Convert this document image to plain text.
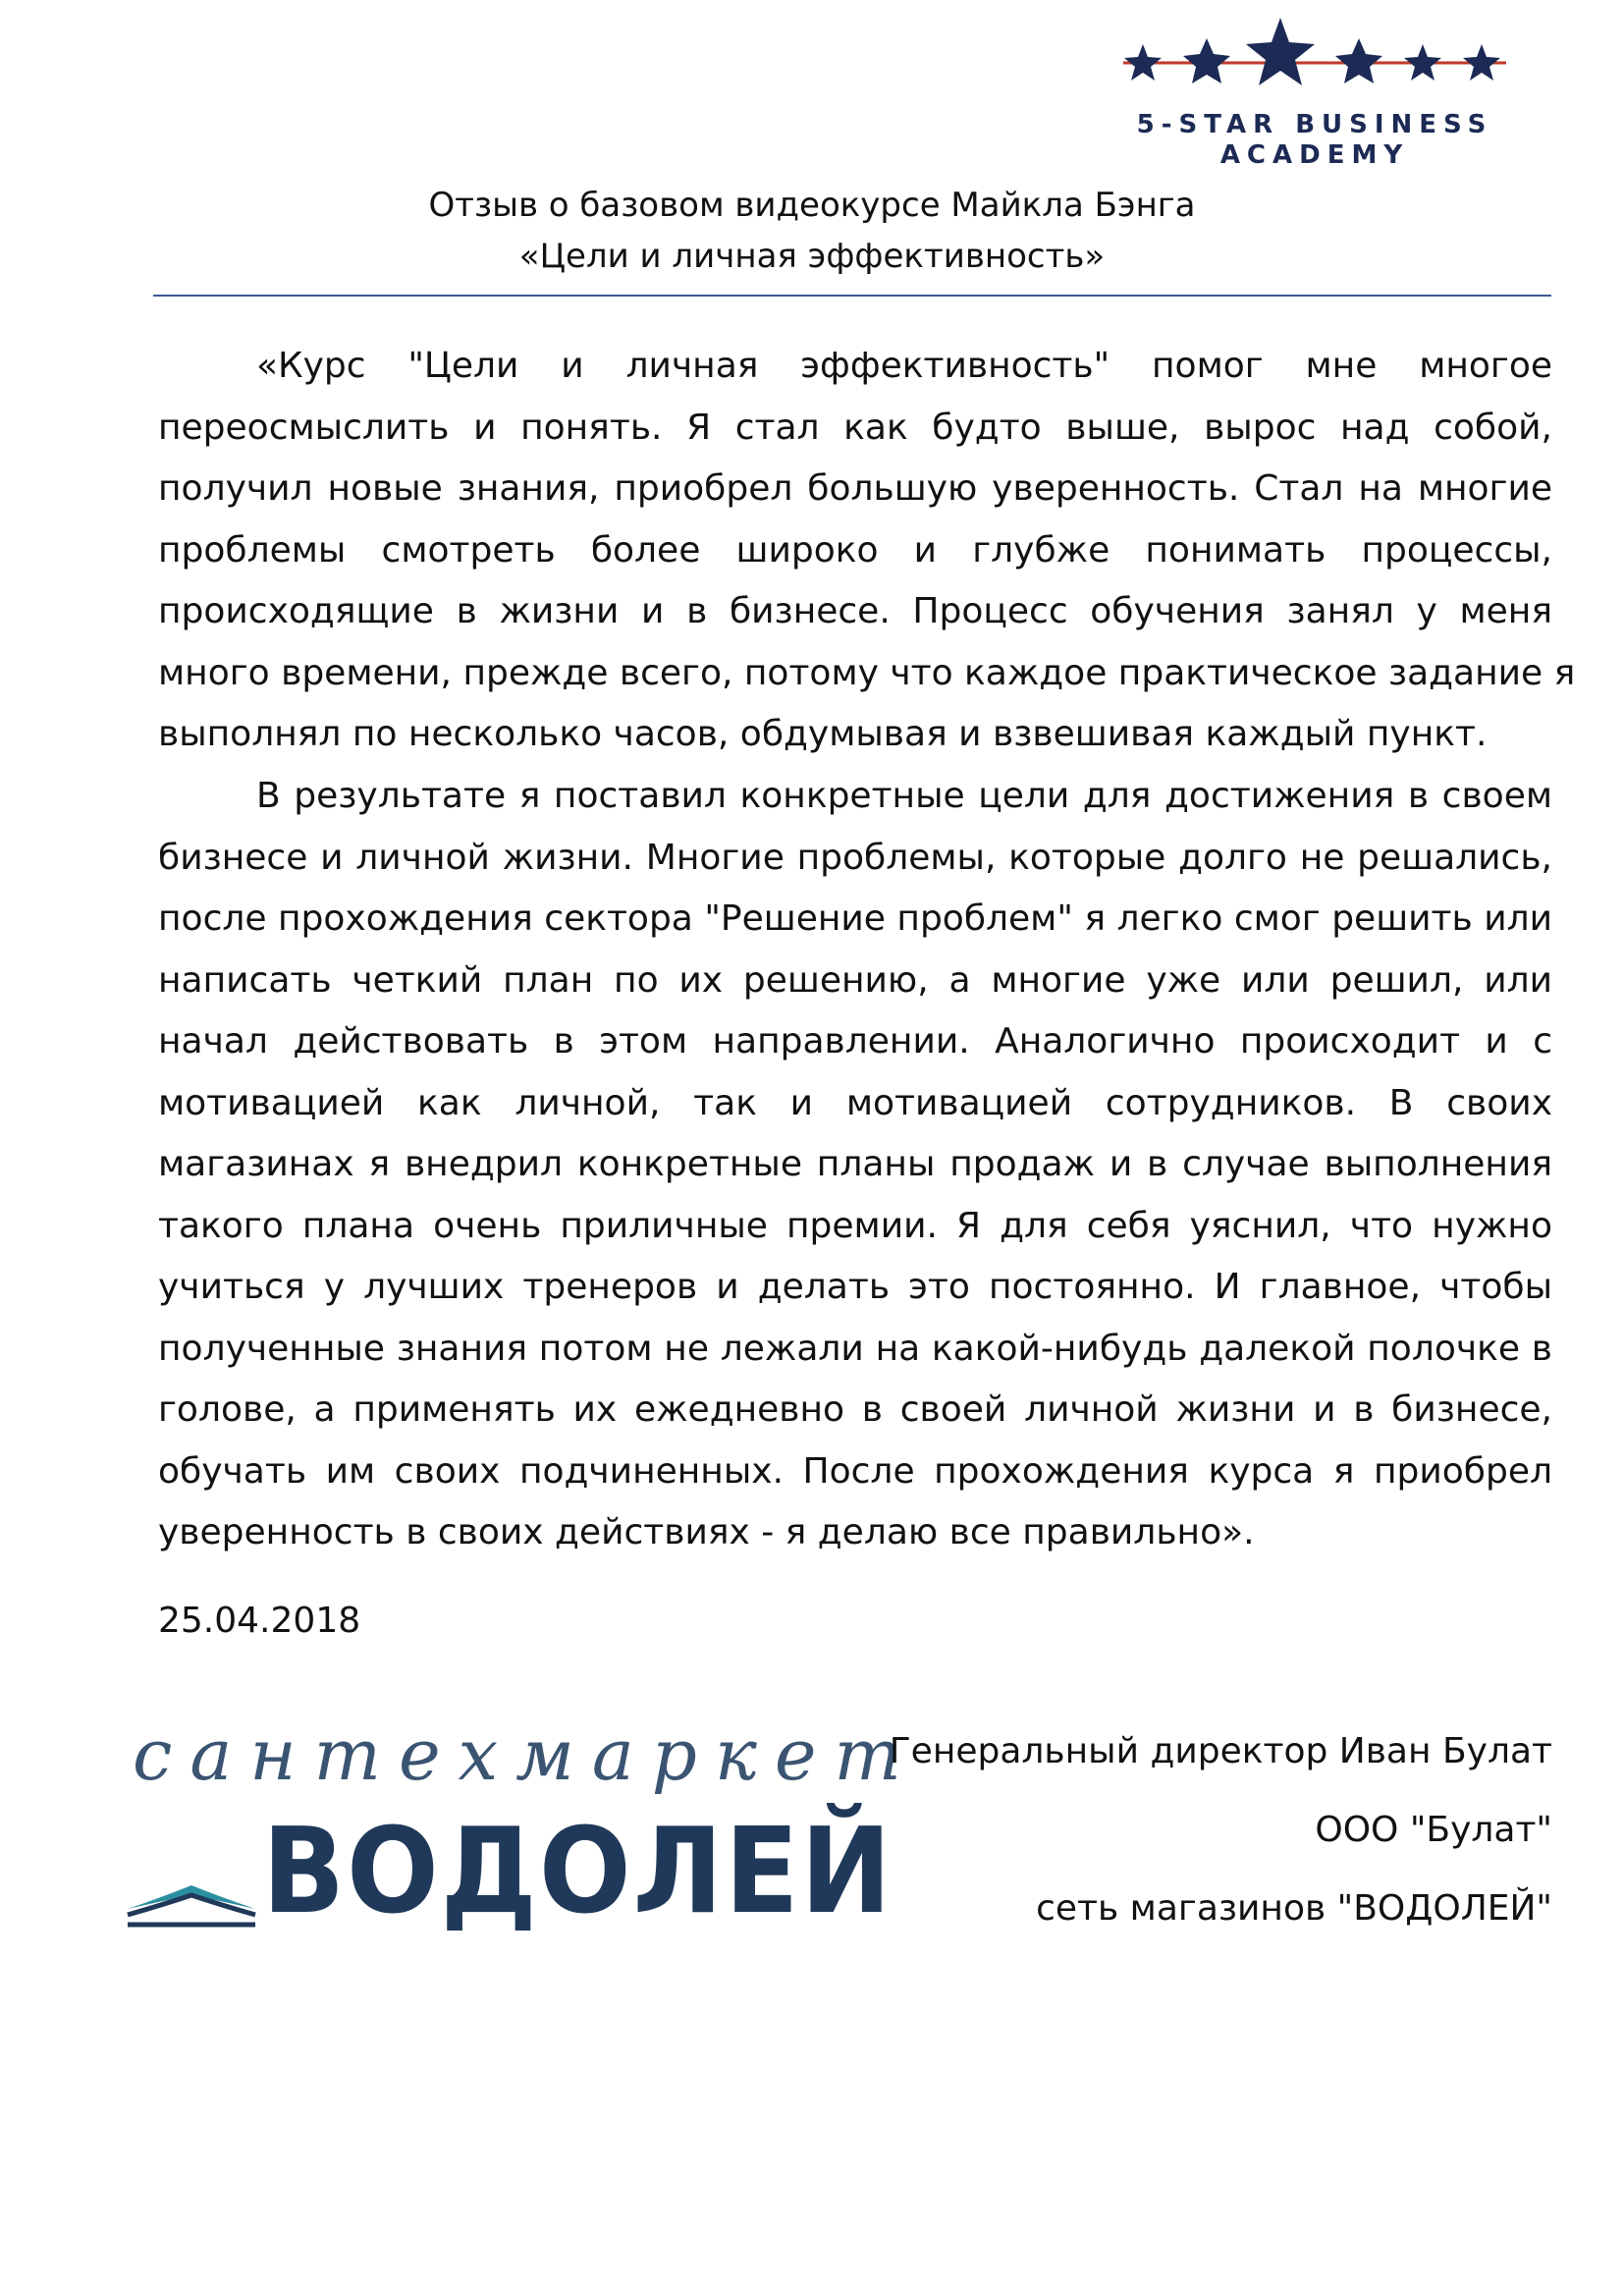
5-STAR BUSINESS
ACADEMY
Отзыв о базовом видеокурсе Майкла Бэнга
«Цели и личная эффективность»
«Курс "Цели и личная эффективность" помог мне многое
переосмыслить и понять. Я стал как будто выше, вырос над собой,
получил новые знания, приобрел большую уверенность. Стал на многие
проблемы смотреть более широко и глубже понимать процессы,
происходящие в жизни и в бизнесе. Процесс обучения занял у меня
много времени, прежде всего, потому что каждое практическое задание я
выполнял по несколько часов, обдумывая и взвешивая каждый пункт.
В результате я поставил конкретные цели для достижения в своем
бизнесе и личной жизни. Многие проблемы, которые долго не решались,
после прохождения сектора "Решение проблем" я легко смог решить или
написать четкий план по их решению, а многие уже или решил, или
начал действовать в этом направлении. Аналогично происходит и с
мотивацией как личной, так и мотивацией сотрудников. В своих
магазинах я внедрил конкретные планы продаж и в случае выполнения
такого плана очень приличные премии. Я для себя уяснил, что нужно
учиться у лучших тренеров и делать это постоянно. И главное, чтобы
полученные знания потом не лежали на какой-нибудь далекой полочке в
голове, а применять их ежедневно в своей личной жизни и в бизнесе,
обучать им своих подчиненных. После прохождения курса я приобрел
уверенность в своих действиях - я делаю все правильно».
25.04.2018
сантехмаркет
ВОДОЛЕЙ
Генеральный директор Иван Булат
ООО "Булат"
сеть магазинов "ВОДОЛЕЙ"
